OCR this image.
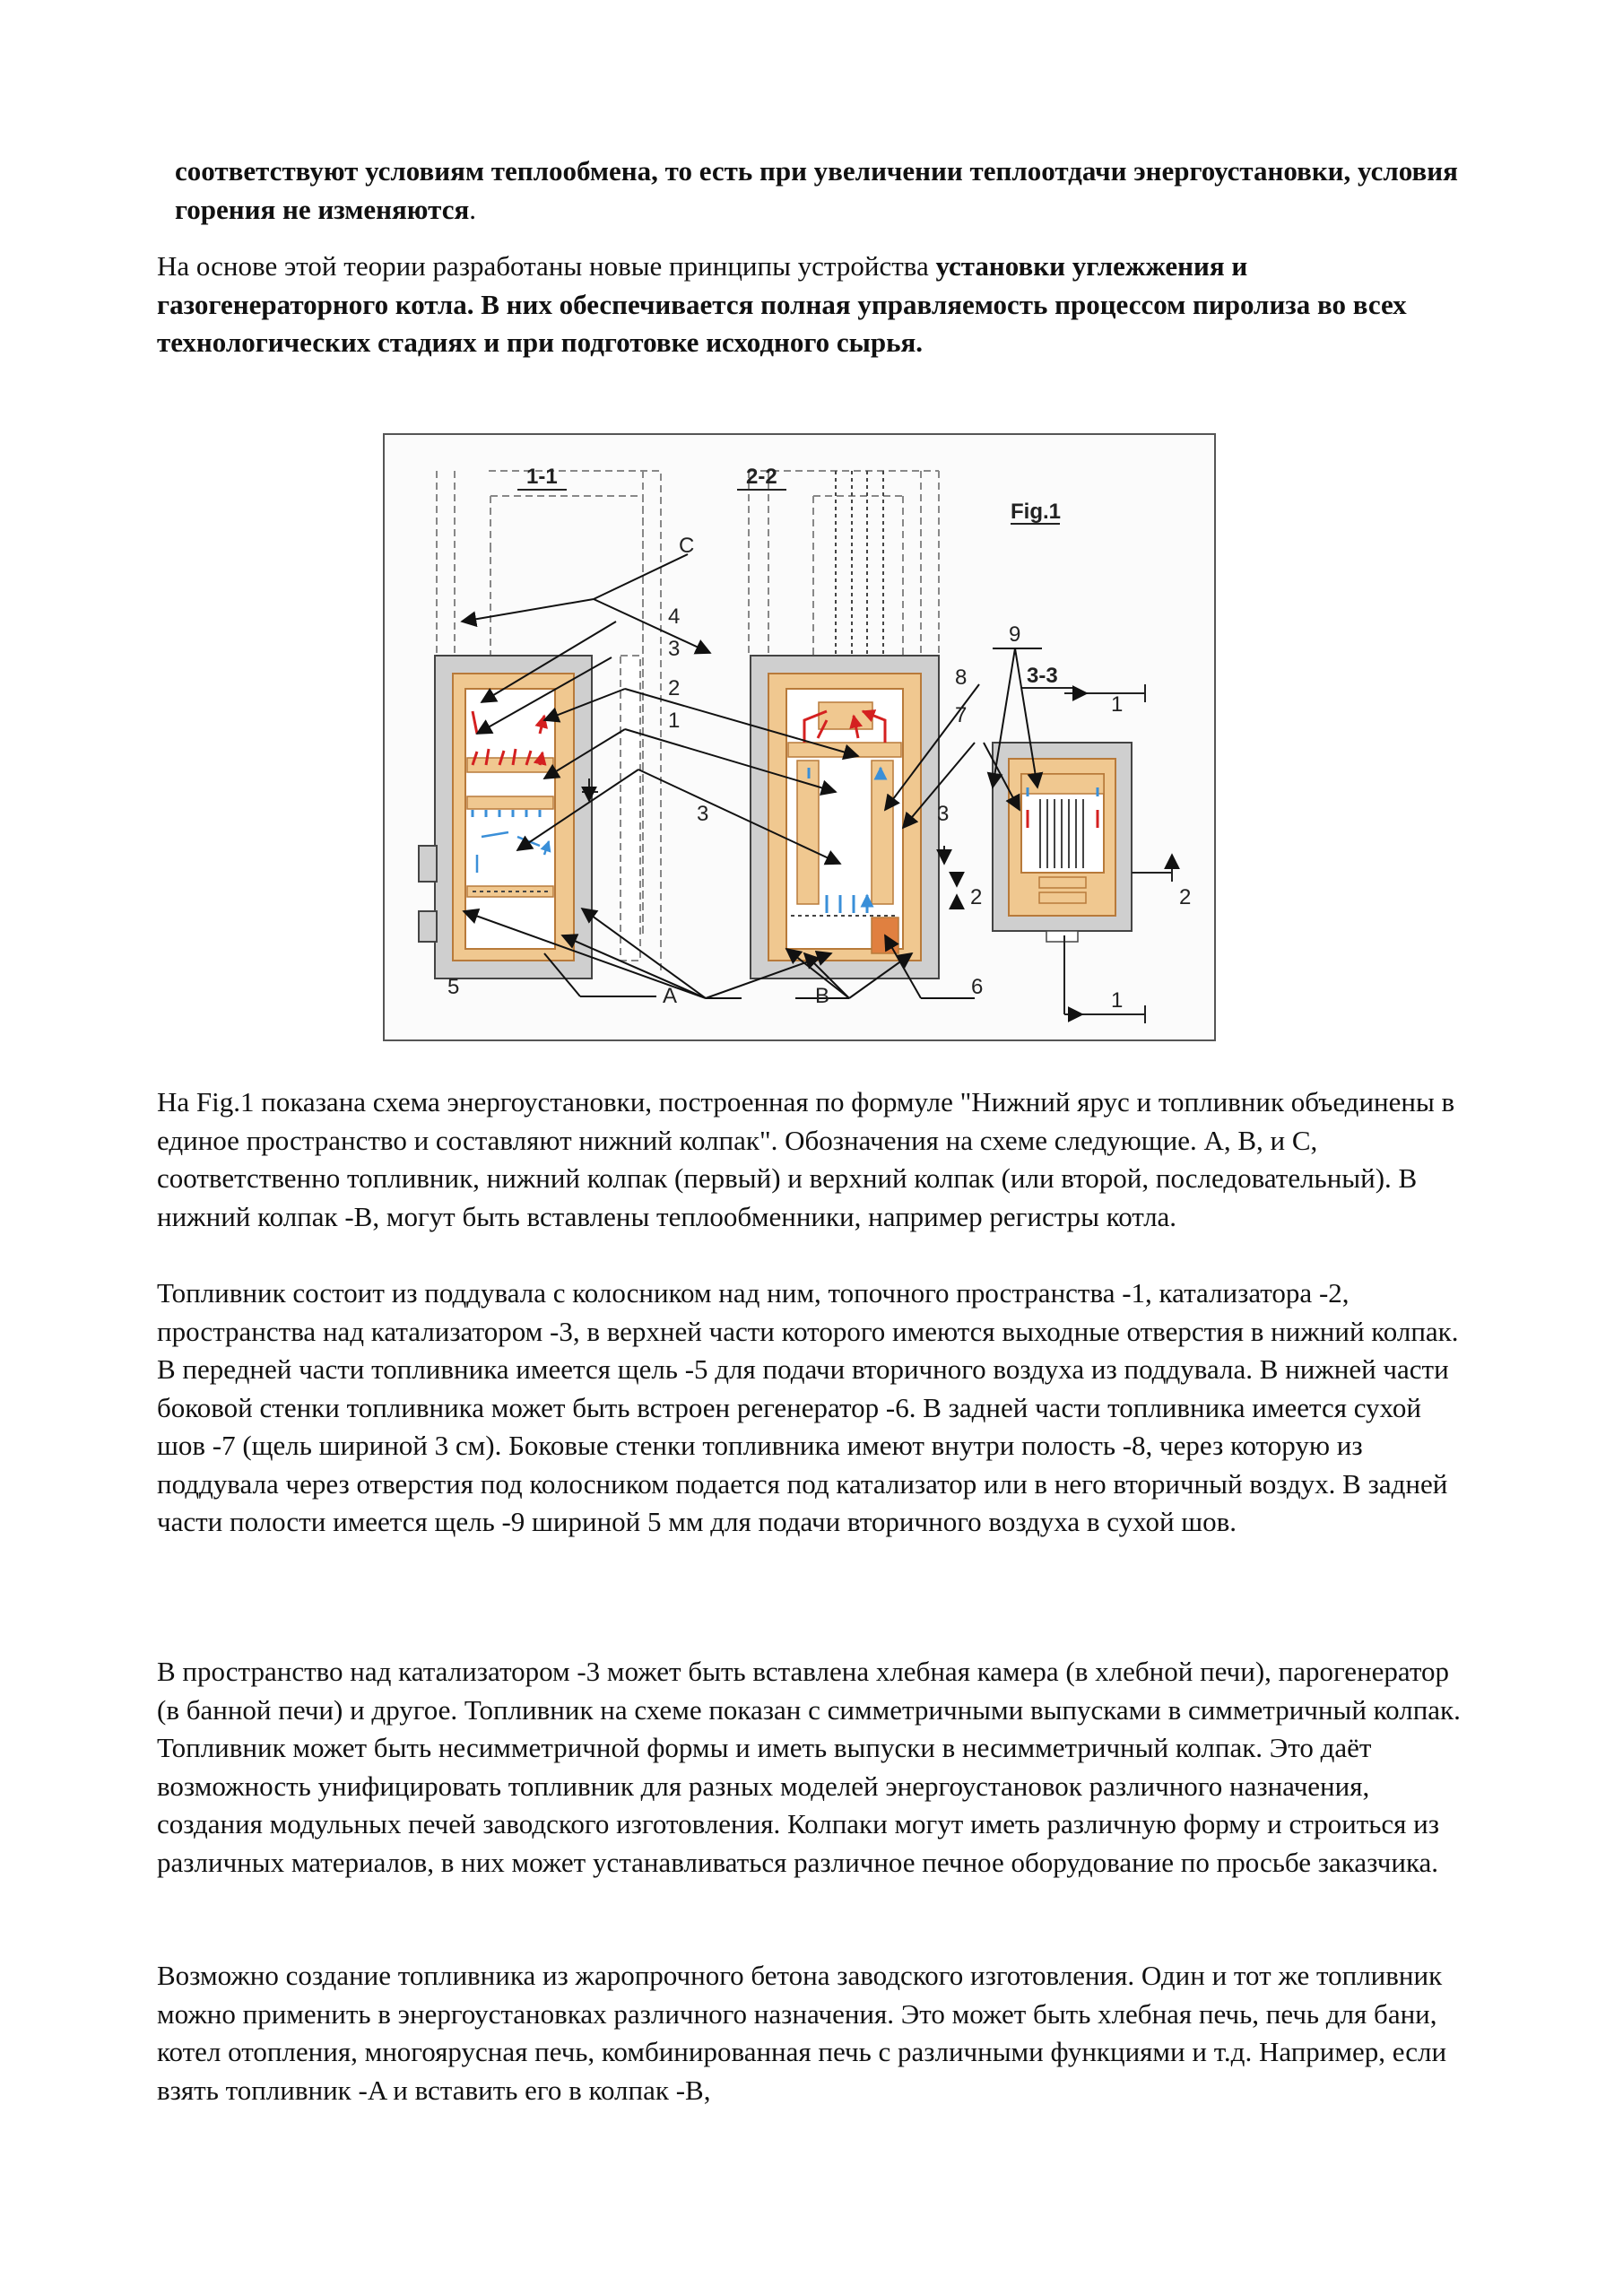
соответствуют условиям теплообмена, то есть при увеличении теплоотдачи энергоустановки, условия горения не изменяются.

На основе этой теории разработаны новые принципы устройства установки углежжения и газогенераторного котла. В них обеспечивается полная управляемость процессом пиролиза во всех технологических стадиях и при подготовке исходного сырья.

1-1	2-2
Fig.1
3-3
C
4
3
2
1
3
5	A	B
8
7
3
2
6
9
2
1
1

На Fig.1 показана схема энергоустановки, построенная по формуле "Нижний ярус и топливник объединены в единое пространство и составляют нижний колпак". Обозначения на схеме следующие. A, B, и C, соответственно топливник, нижний колпак (первый) и верхний колпак (или второй, последовательный). В нижний колпак -B, могут быть вставлены теплообменники, например регистры котла.

Топливник состоит из поддувала с колосником над ним, топочного пространства -1, катализатора -2, пространства над катализатором -3, в верхней части которого имеются выходные отверстия в нижний колпак. В передней части топливника имеется щель -5 для подачи вторичного воздуха из поддувала. В нижней части боковой стенки топливника может быть встроен регенератор -6. В задней части топливника имеется сухой шов -7 (щель шириной 3 см). Боковые стенки топливника имеют внутри полость -8, через которую из поддувала через отверстия под колосником подается под катализатор или в него вторичный воздух. В задней части полости имеется щель -9 шириной 5 мм для подачи вторичного воздуха в сухой шов.

В пространство над катализатором -3 может быть вставлена хлебная камера (в хлебной печи), парогенератор (в банной печи) и другое. Топливник на схеме показан с симметричными выпусками в симметричный колпак. Топливник может быть несимметричной формы и иметь выпуски в несимметричный колпак. Это даёт возможность унифицировать топливник для разных моделей энергоустановок различного назначения, создания модульных печей заводского изготовления. Колпаки могут иметь различную форму и строиться из различных материалов, в них может устанавливаться различное печное оборудование по просьбе заказчика.

Возможно создание топливника из жаропрочного бетона заводского изготовления. Один и тот же топливник можно применить в энергоустановках различного назначения. Это может быть хлебная печь, печь для бани, котел отопления, многоярусная печь, комбинированная печь с различными функциями и т.д. Например, если взять топливник -A и вставить его в колпак -B,
